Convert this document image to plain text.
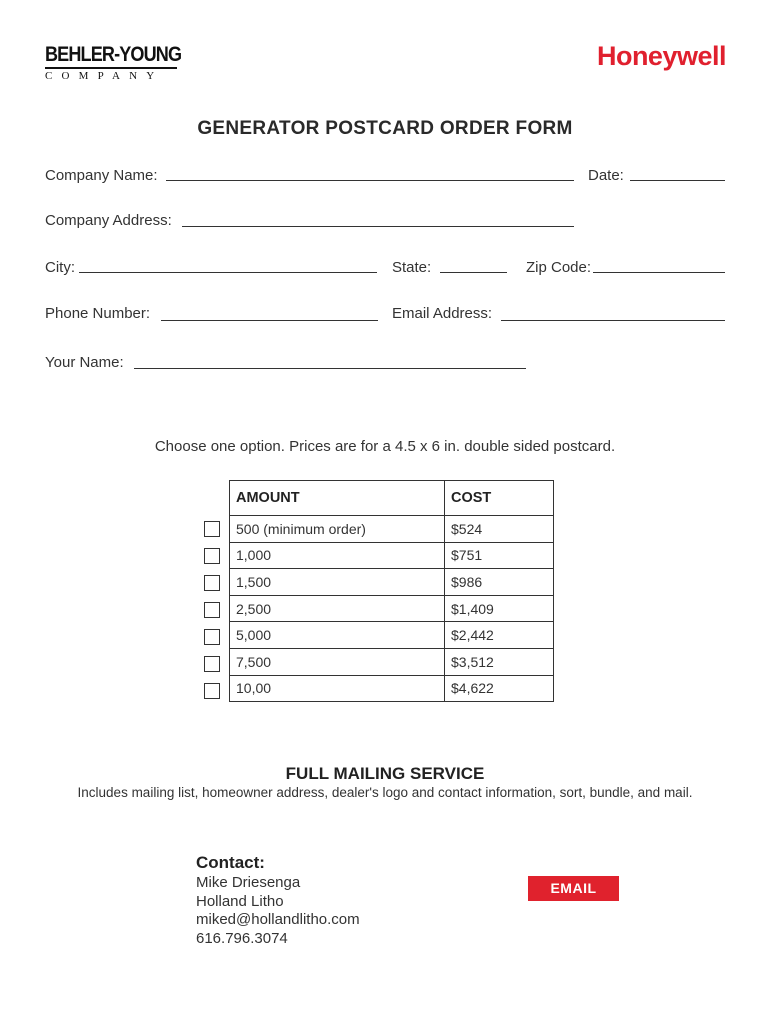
BEHLER-YOUNG
COMPANY
Honeywell
GENERATOR POSTCARD ORDER FORM
Company Name:	Date:
Company Address:
City:	State:	Zip Code:
Phone Number:	Email Address:
Your Name:
Choose one option. Prices are for a 4.5 x 6 in. double sided postcard.
AMOUNT	COST
500 (minimum order)	$524
1,000	$751
1,500	$986
2,500	$1,409
5,000	$2,442
7,500	$3,512
10,00	$4,622
FULL MAILING SERVICE
Includes mailing list, homeowner address, dealer's logo and contact information, sort, bundle, and mail.
Contact:
Mike Driesenga
Holland Litho
miked@hollandlitho.com
616.796.3074
EMAIL
